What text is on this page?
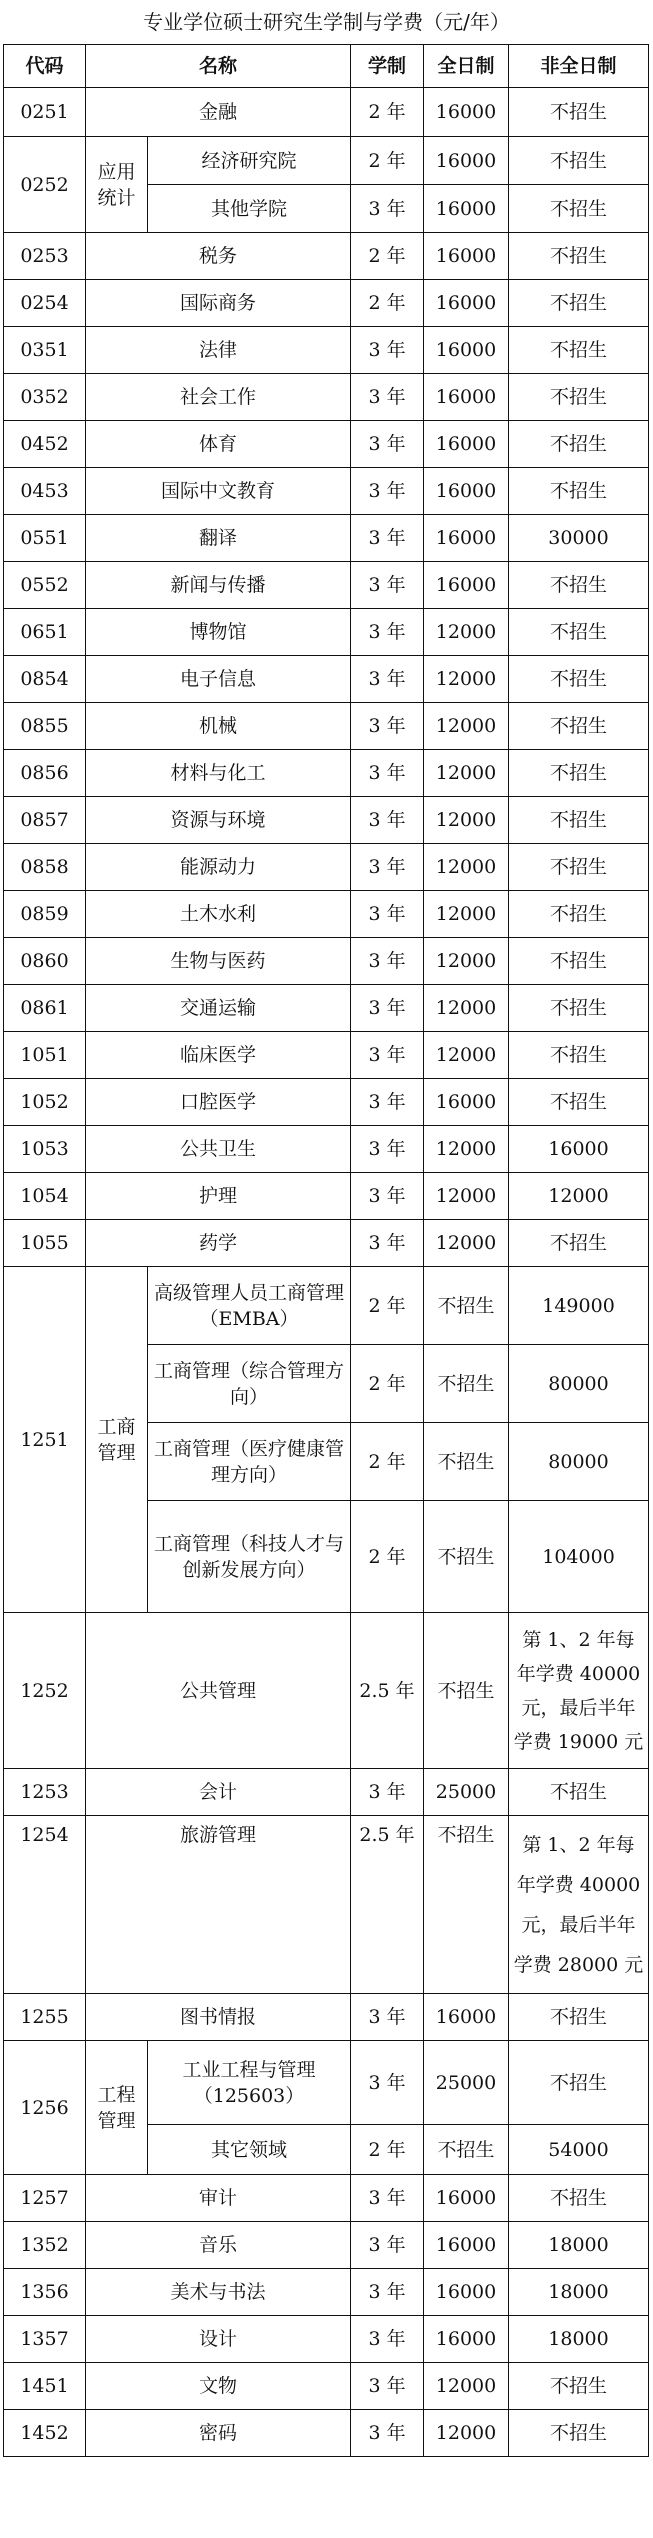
专业学位硕士研究生学制与学费（元/年）
代码	名称		学制	全日制	非全日制
0251	金融		2 年	16000	不招生
0252	应用统计	经济研究院	2 年	16000	不招生
		其他学院	3 年	16000	不招生
0253	税务		2 年	16000	不招生
0254	国际商务		2 年	16000	不招生
0351	法律		3 年	16000	不招生
0352	社会工作		3 年	16000	不招生
0452	体育		3 年	16000	不招生
0453	国际中文教育		3 年	16000	不招生
0551	翻译		3 年	16000	30000
0552	新闻与传播		3 年	16000	不招生
0651	博物馆		3 年	12000	不招生
0854	电子信息		3 年	12000	不招生
0855	机械		3 年	12000	不招生
0856	材料与化工		3 年	12000	不招生
0857	资源与环境		3 年	12000	不招生
0858	能源动力		3 年	12000	不招生
0859	土木水利		3 年	12000	不招生
0860	生物与医药		3 年	12000	不招生
0861	交通运输		3 年	12000	不招生
1051	临床医学		3 年	12000	不招生
1052	口腔医学		3 年	16000	不招生
1053	公共卫生		3 年	12000	16000
1054	护理		3 年	12000	12000
1055	药学		3 年	12000	不招生
1251	工商管理	高级管理人员工商管理（EMBA）	2 年	不招生	149000
		工商管理（综合管理方向）	2 年	不招生	80000
		工商管理（医疗健康管理方向）	2 年	不招生	80000
		工商管理（科技人才与创新发展方向）	2 年	不招生	104000
1252	公共管理		2.5 年	不招生	第 1、2 年每年学费 40000 元，最后半年学费 19000 元
1253	会计		3 年	25000	不招生
1254	旅游管理		2.5 年	不招生	第 1、2 年每年学费 40000 元，最后半年学费 28000 元
1255	图书情报		3 年	16000	不招生
1256	工程管理	工业工程与管理（125603）	3 年	25000	不招生
		其它领域	2 年	不招生	54000
1257	审计		3 年	16000	不招生
1352	音乐		3 年	16000	18000
1356	美术与书法		3 年	16000	18000
1357	设计		3 年	16000	18000
1451	文物		3 年	12000	不招生
1452	密码		3 年	12000	不招生
